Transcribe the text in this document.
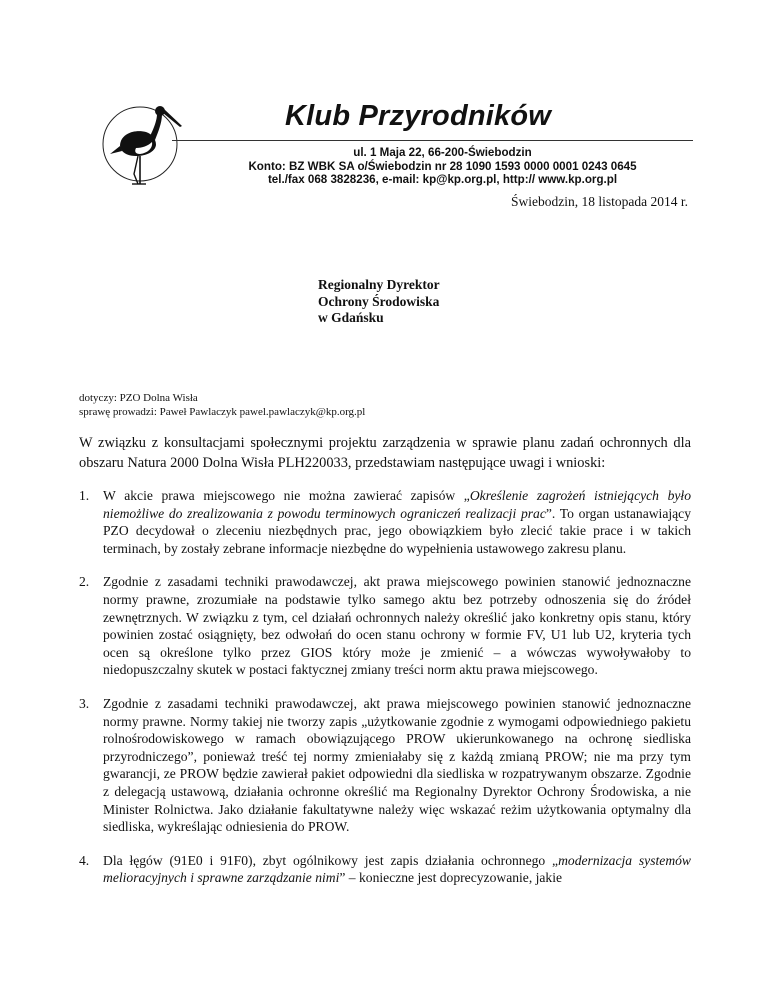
Klub Przyrodników
ul. 1 Maja 22, 66-200-Świebodzin
Konto: BZ WBK SA o/Świebodzin nr 28 1090 1593 0000 0001 0243 0645
tel./fax 068 3828236, e-mail: kp@kp.org.pl, http:// www.kp.org.pl
Świebodzin, 18 listopada 2014 r.
Regionalny Dyrektor
Ochrony Środowiska
w Gdańsku
dotyczy: PZO Dolna Wisła
sprawę prowadzi: Paweł Pawlaczyk pawel.pawlaczyk@kp.org.pl

W związku z konsultacjami społecznymi projektu zarządzenia w sprawie planu zadań ochronnych dla obszaru Natura 2000 Dolna Wisła PLH220033, przedstawiam następujące uwagi i wnioski:

1. W akcie prawa miejscowego nie można zawierać zapisów „Określenie zagrożeń istniejących było niemożliwe do zrealizowania z powodu terminowych ograniczeń realizacji prac”. To organ ustanawiający PZO decydował o zleceniu niezbędnych prac, jego obowiązkiem było zlecić takie prace i w takich terminach, by zostały zebrane informacje niezbędne do wypełnienia ustawowego zakresu planu.
2. Zgodnie z zasadami techniki prawodawczej, akt prawa miejscowego powinien stanowić jednoznaczne normy prawne, zrozumiałe na podstawie tylko samego aktu bez potrzeby odnoszenia się do źródeł zewnętrznych. W związku z tym, cel działań ochronnych należy określić jako konkretny opis stanu, który powinien zostać osiągnięty, bez odwołań do ocen stanu ochrony w formie FV, U1 lub U2, kryteria tych ocen są określone tylko przez GIOS który może je zmienić – a wówczas wywoływałoby to niedopuszczalny skutek w postaci faktycznej zmiany treści norm aktu prawa miejscowego.
3. Zgodnie z zasadami techniki prawodawczej, akt prawa miejscowego powinien stanowić jednoznaczne normy prawne. Normy takiej nie tworzy zapis „użytkowanie zgodnie z wymogami odpowiedniego pakietu rolnośrodowiskowego w ramach obowiązującego PROW ukierunkowanego na ochronę siedliska przyrodniczego”, ponieważ treść tej normy zmieniałaby się z każdą zmianą PROW; nie ma przy tym gwarancji, ze PROW będzie zawierał pakiet odpowiedni dla siedliska w rozpatrywanym obszarze. Zgodnie z delegacją ustawową, działania ochronne określić ma Regionalny Dyrektor Ochrony Środowiska, a nie Minister Rolnictwa. Jako działanie fakultatywne należy więc wskazać reżim użytkowania optymalny dla siedliska, wykreślając odniesienia do PROW.
4. Dla łęgów (91E0 i 91F0), zbyt ogólnikowy jest zapis działania ochronnego „modernizacja systemów melioracyjnych i sprawne zarządzanie nimi” – konieczne jest doprecyzowanie, jakie
